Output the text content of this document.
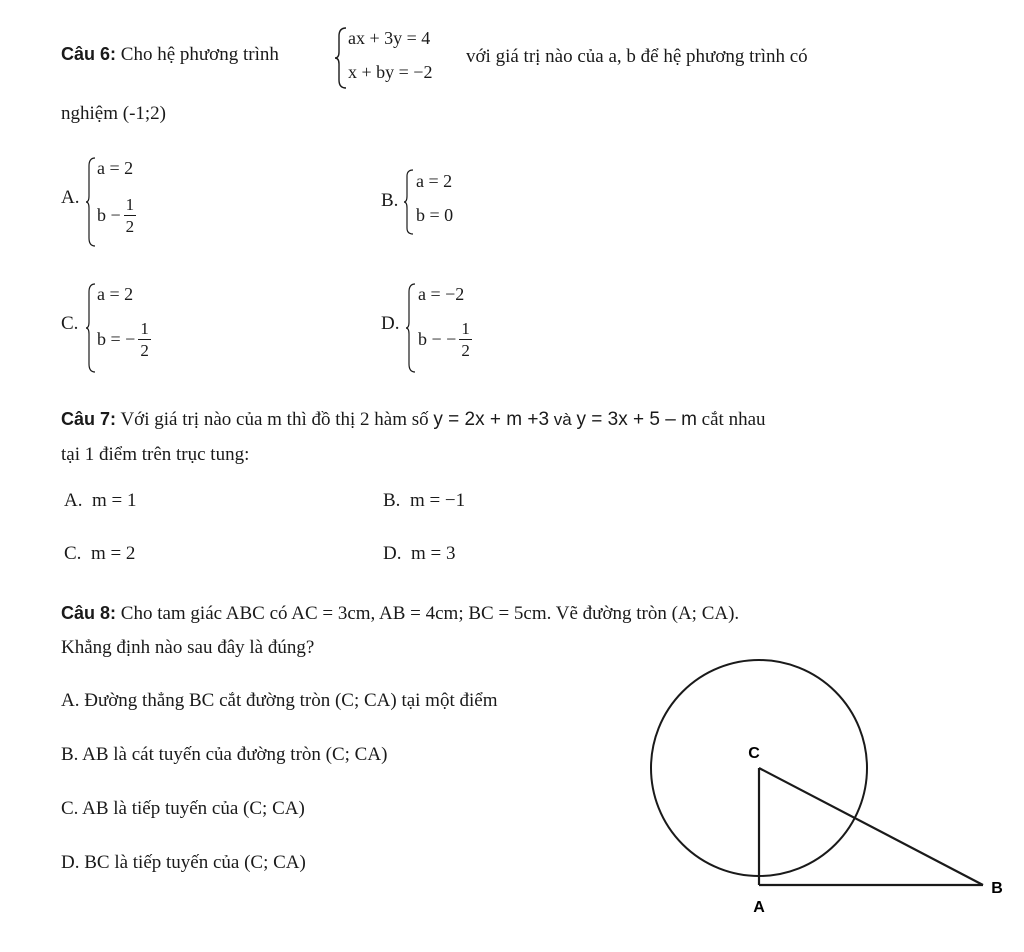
Câu 6: Cho hệ phương trình
ax + 3y = 4
x + by = −2
với giá trị nào của a, b để hệ phương trình có
nghiệm (-1;2)
A.
a = 2
$b - \frac{1}{2}$	B.
a = 2
b = 0
C.
a = 2
b = − $\frac{1}{2}$	D.
a = −2
b − − $\frac{1}{2}$
Câu 7: Với giá trị nào của m thì đồ thị 2 hàm số y = 2x + m +3 và y = 3x + 5 – m cắt nhau
tại 1 điểm trên trục tung:
A. m = 1	B. m = −1
C. m = 2	D. m = 3
Câu 8: Cho tam giác ABC có AC = 3cm, AB = 4cm; BC = 5cm. Vẽ đường tròn (A; CA).
Khẳng định nào sau đây là đúng?
A. Đường thẳng BC cắt đường tròn (C; CA) tại một điểm
B. AB là cát tuyến của đường tròn (C; CA)
C. AB là tiếp tuyến của (C; CA)
D. BC là tiếp tuyến của (C; CA)
C
A
B
